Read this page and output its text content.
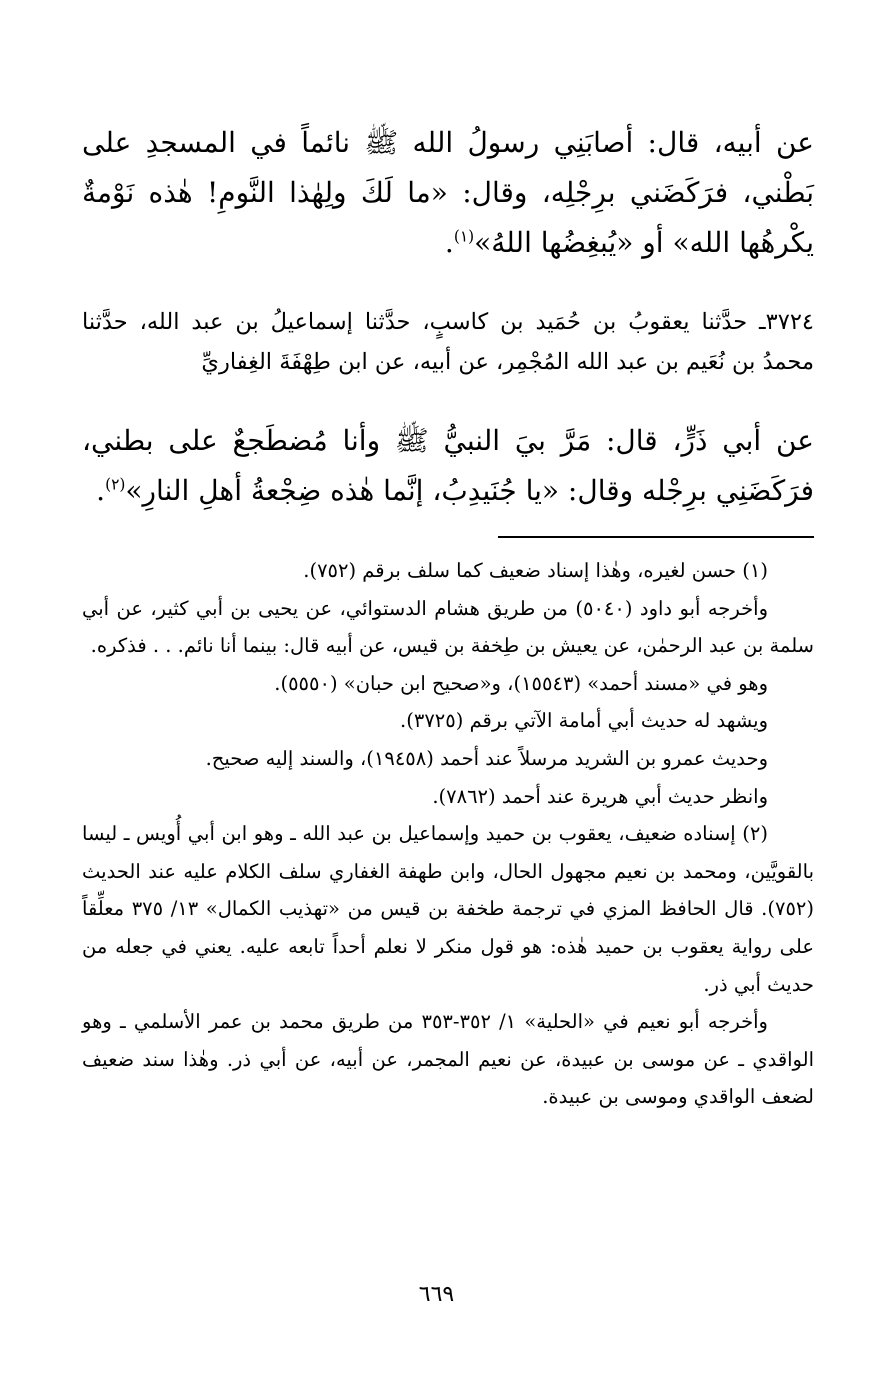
عن أبيه، قال: أصابَنِي رسولُ الله ﷺ نائماً في المسجدِ على بَطْني، فرَكَضَني برِجْلِه، وقال: «ما لَكَ ولِهٰذا النَّومِ! هٰذه نَوْمةٌ يكْرهُها الله» أو «يُبغِضُها اللهُ»$^{(١)}$.
٣٧٢٤ـ حدَّثنا يعقوبُ بن حُمَيد بن كاسبٍ، حدَّثنا إسماعيلُ بن عبد الله، حدَّثنا محمدُ بن نُعَيم بن عبد الله المُجْمِر، عن أبيه، عن ابن طِهْفَةَ الغِفاريِّ
عن أبي ذَرٍّ، قال: مَرَّ بيَ النبيُّ ﷺ وأنا مُضطَجعٌ على بطني، فرَكَضَنِي برِجْله وقال: «يا جُنَيدِبُ، إنَّما هٰذه ضِجْعةُ أهلِ النارِ»$^{(٢)}$.

(١) حسن لغيره، وهٰذا إسناد ضعيف كما سلف برقم (٧٥٢).

وأخرجه أبو داود (٥٠٤٠) من طريق هشام الدستوائي، عن يحيى بن أبي كثير، عن أبي سلمة بن عبد الرحمٰن، عن يعيش بن طِخفة بن قيس، عن أبيه قال: بينما أنا نائم. . . فذكره.

وهو في «مسند أحمد» (١٥٥٤٣)، و«صحيح ابن حبان» (٥٥٥٠).

ويشهد له حديث أبي أمامة الآتي برقم (٣٧٢٥).

وحديث عمرو بن الشريد مرسلاً عند أحمد (١٩٤٥٨)، والسند إليه صحيح.

وانظر حديث أبي هريرة عند أحمد (٧٨٦٢).

(٢) إسناده ضعيف، يعقوب بن حميد وإسماعيل بن عبد الله ـ وهو ابن أبي أُويس ـ ليسا بالقويَّين، ومحمد بن نعيم مجهول الحال، وابن طهفة الغفاري سلف الكلام عليه عند الحديث (٧٥٢). قال الحافظ المزي في ترجمة طخفة بن قيس من «تهذيب الكمال» ١٣/ ٣٧٥ معلِّقاً على رواية يعقوب بن حميد هٰذه: هو قول منكر لا نعلم أحداً تابعه عليه. يعني في جعله من حديث أبي ذر.

وأخرجه أبو نعيم في «الحلية» ١/ ٣٥٢-٣٥٣ من طريق محمد بن عمر الأسلمي ـ وهو الواقدي ـ عن موسى بن عبيدة، عن نعيم المجمر، عن أبيه، عن أبي ذر. وهٰذا سند ضعيف لضعف الواقدي وموسى بن عبيدة.

٦٦٩
